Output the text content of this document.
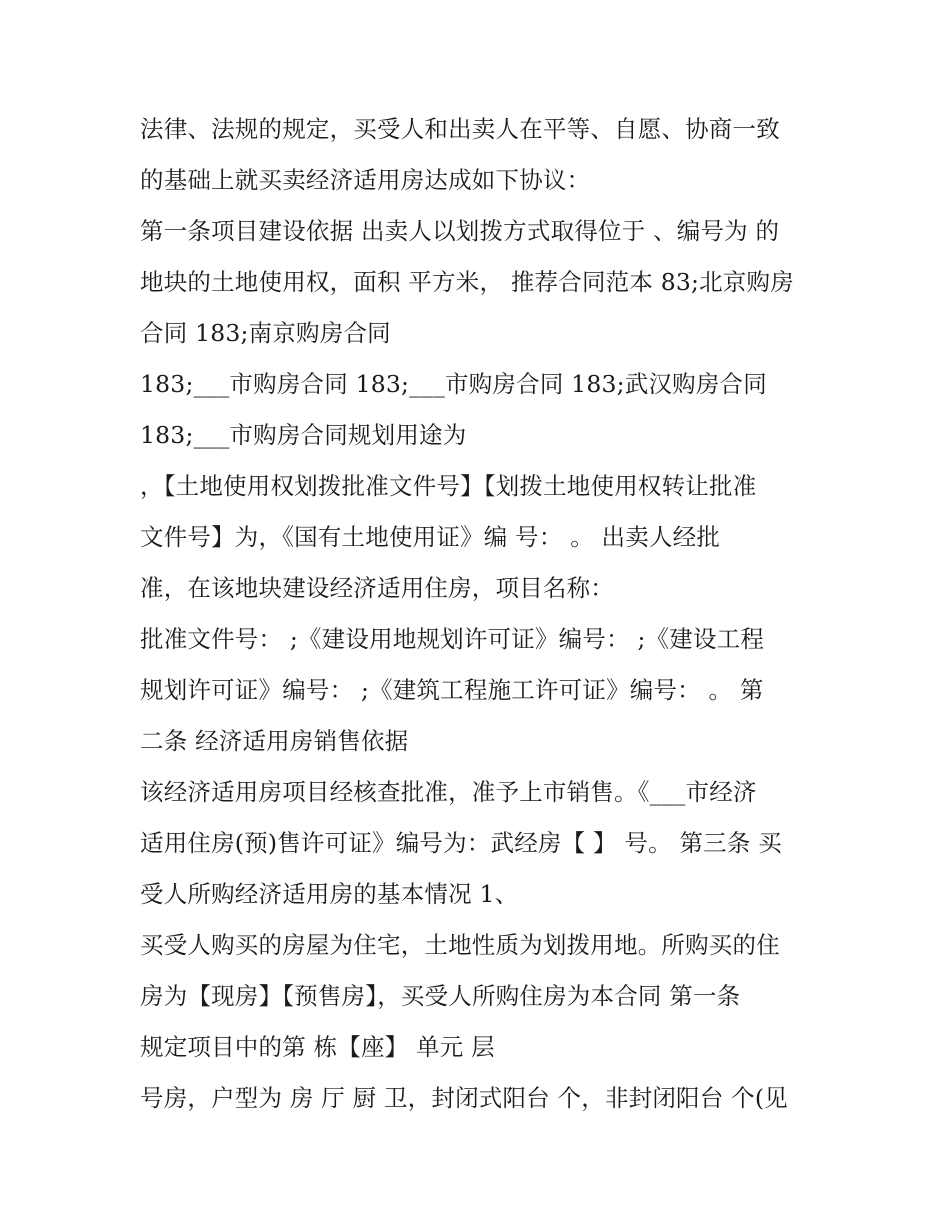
法律、法规的规定，买受人和出卖人在平等、自愿、协商一致
的基础上就买卖经济适用房达成如下协议：
第一条项目建设依据 出卖人以划拨方式取得位于 、编号为 的
地块的土地使用权，面积 平方米， 推荐合同范本 83;北京购房
合同 183;南京购房合同
183;___市购房合同 183;___市购房合同 183;武汉购房合同
183;___市购房合同规划用途为
，【土地使用权划拨批准文件号】【划拨土地使用权转让批准
文件号】为，《国有土地使用证》编 号： 。 出卖人经批
准，在该地块建设经济适用住房，项目名称：
批准文件号： ;《建设用地规划许可证》编号： ;《建设工程
规划许可证》编号： ;《建筑工程施工许可证》编号： 。 第
二条 经济适用房销售依据
该经济适用房项目经核查批准，准予上市销售。《___市经济
适用住房(预)售许可证》编号为：武经房【 】 号。 第三条 买
受人所购经济适用房的基本情况 1、
买受人购买的房屋为住宅，土地性质为划拨用地。所购买的住
房为【现房】【预售房】，买受人所购住房为本合同 第一条
规定项目中的第 栋【座】 单元 层
号房，户型为 房 厅 厨 卫，封闭式阳台 个，非封闭阳台 个(见
